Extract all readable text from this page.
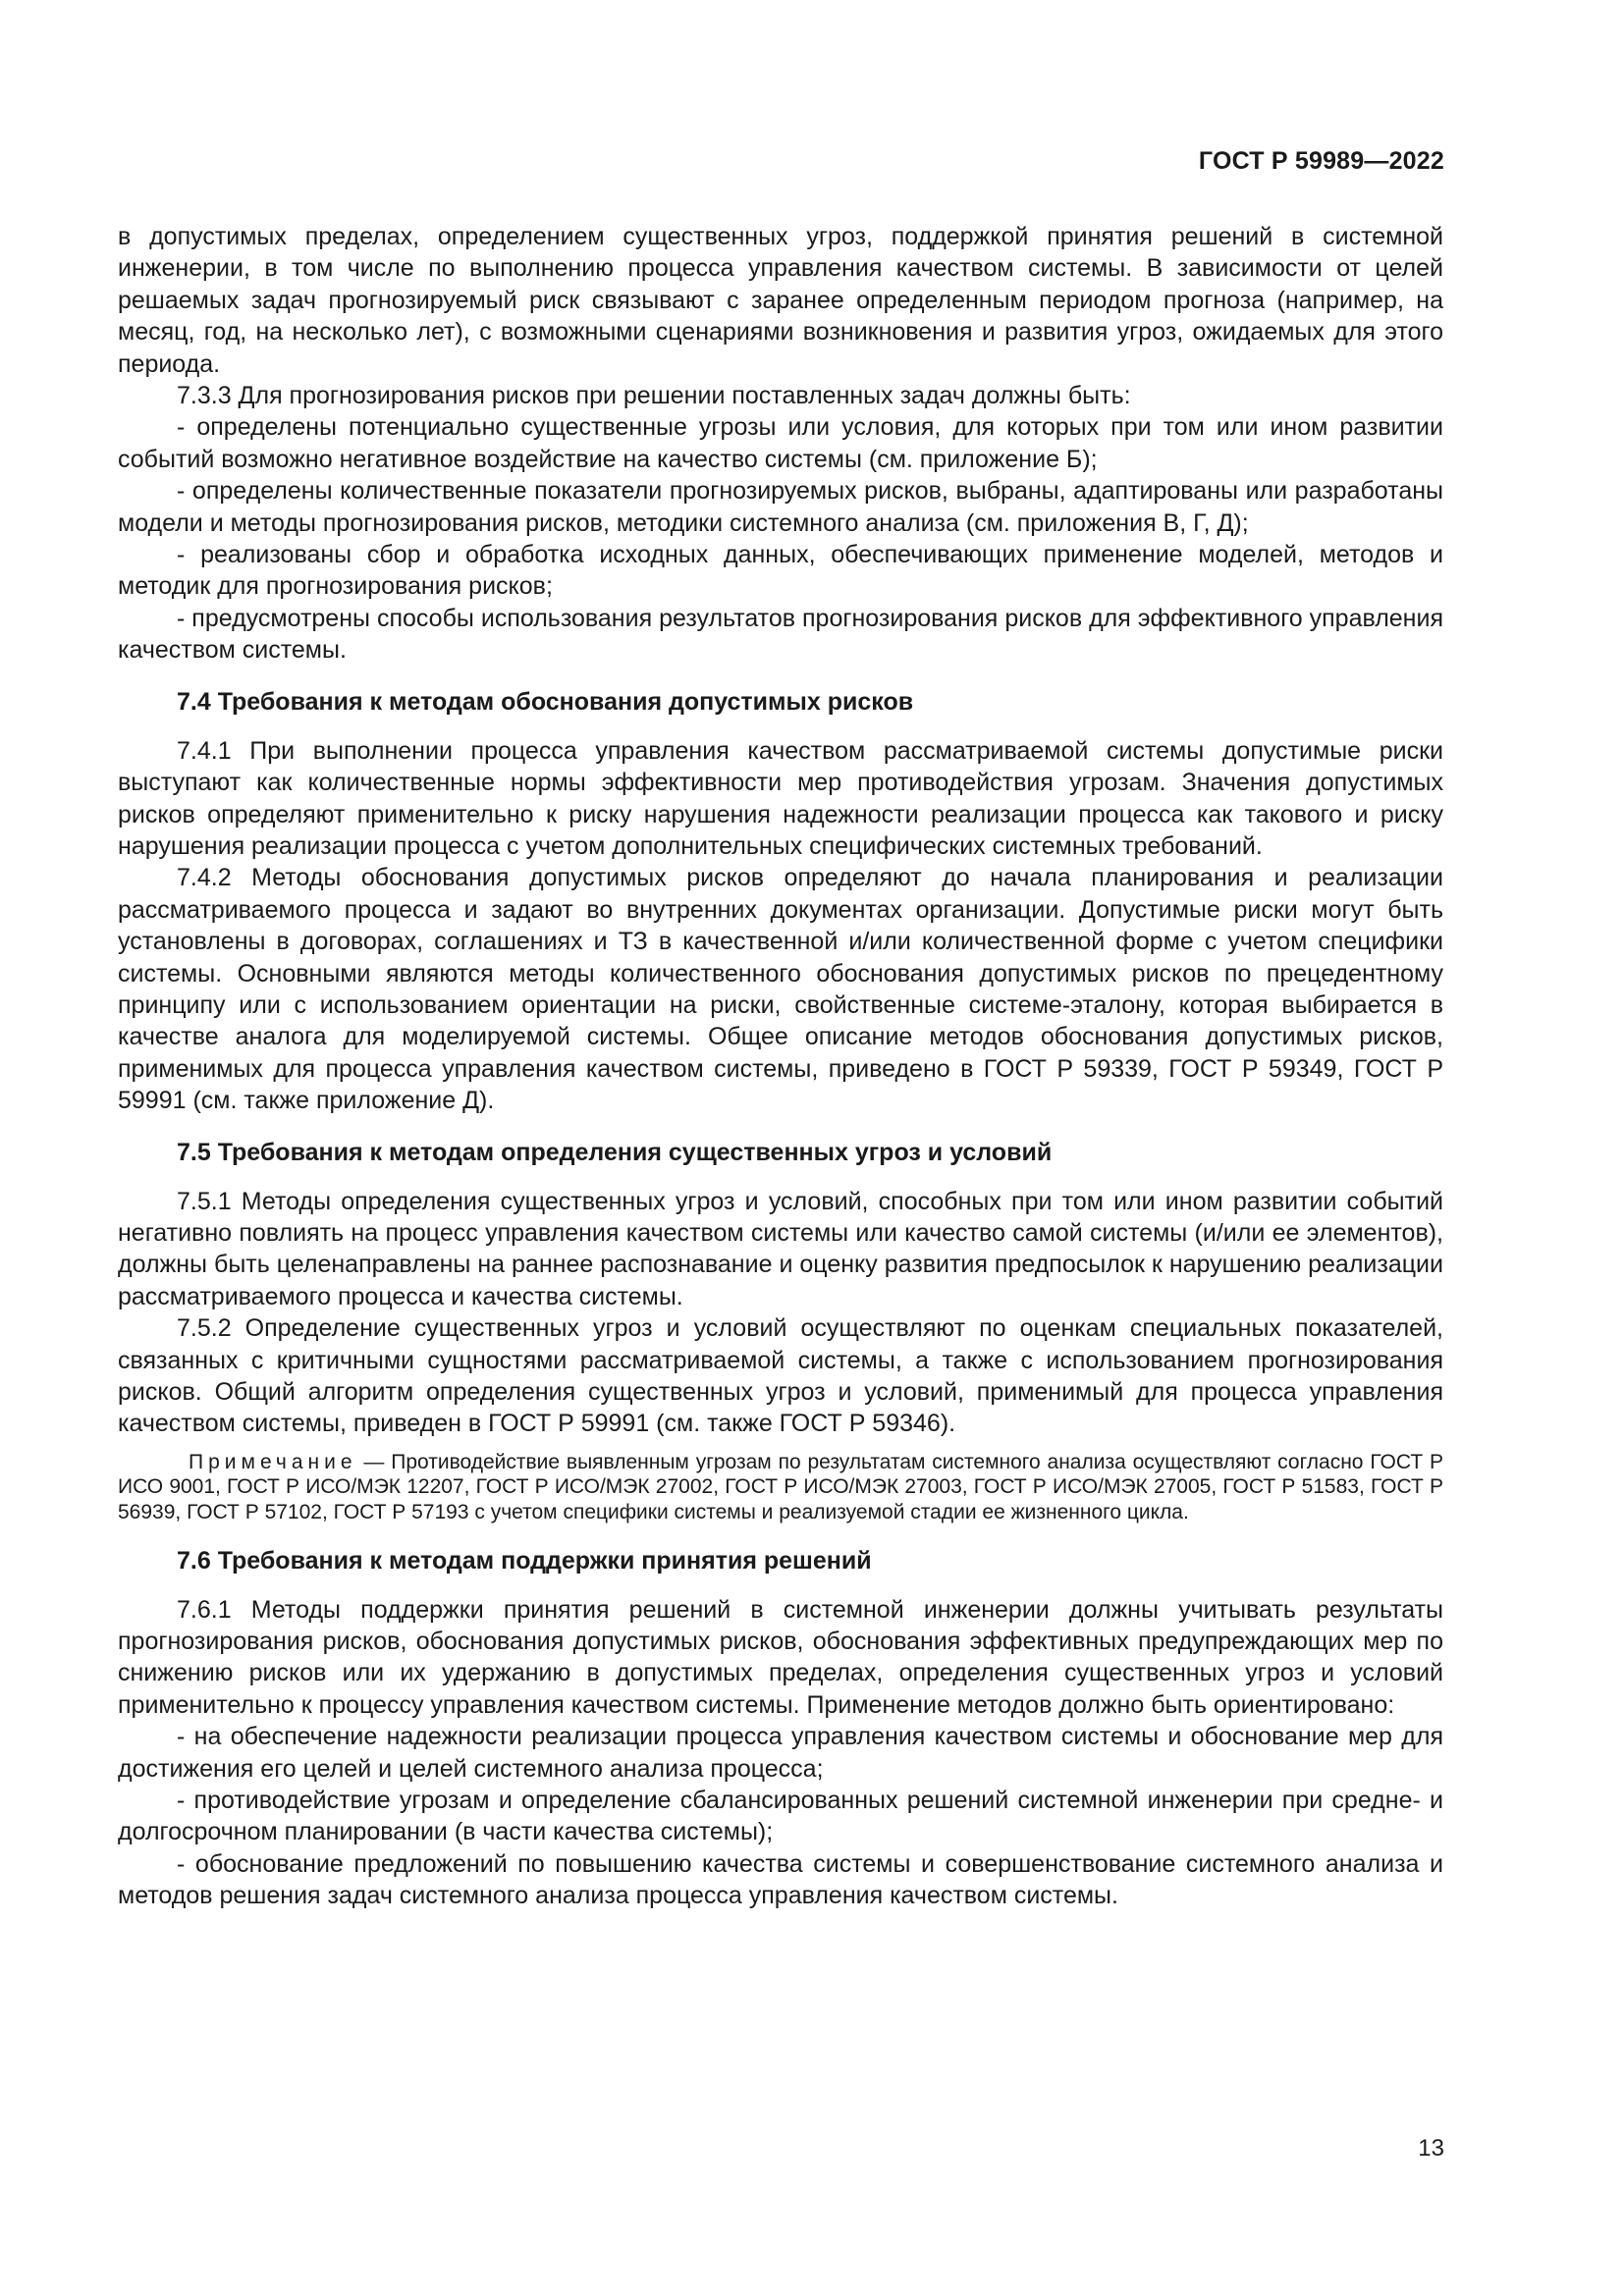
ГОСТ Р 59989—2022

в допустимых пределах, определением существенных угроз, поддержкой принятия решений в системной инженерии, в том числе по выполнению процесса управления качеством системы. В зависимости от целей решаемых задач прогнозируемый риск связывают с заранее определенным периодом прогноза (например, на месяц, год, на несколько лет), с возможными сценариями возникновения и развития угроз, ожидаемых для этого периода.

7.3.3 Для прогнозирования рисков при решении поставленных задач должны быть:

- определены потенциально существенные угрозы или условия, для которых при том или ином развитии событий возможно негативное воздействие на качество системы (см. приложение Б);

- определены количественные показатели прогнозируемых рисков, выбраны, адаптированы или разработаны модели и методы прогнозирования рисков, методики системного анализа (см. приложения В, Г, Д);

- реализованы сбор и обработка исходных данных, обеспечивающих применение моделей, методов и методик для прогнозирования рисков;

- предусмотрены способы использования результатов прогнозирования рисков для эффективного управления качеством системы.

7.4 Требования к методам обоснования допустимых рисков

7.4.1 При выполнении процесса управления качеством рассматриваемой системы допустимые риски выступают как количественные нормы эффективности мер противодействия угрозам. Значения допустимых рисков определяют применительно к риску нарушения надежности реализации процесса как такового и риску нарушения реализации процесса с учетом дополнительных специфических системных требований.

7.4.2 Методы обоснования допустимых рисков определяют до начала планирования и реализации рассматриваемого процесса и задают во внутренних документах организации. Допустимые риски могут быть установлены в договорах, соглашениях и ТЗ в качественной и/или количественной форме с учетом специфики системы. Основными являются методы количественного обоснования допустимых рисков по прецедентному принципу или с использованием ориентации на риски, свойственные системе-эталону, которая выбирается в качестве аналога для моделируемой системы. Общее описание методов обоснования допустимых рисков, применимых для процесса управления качеством системы, приведено в ГОСТ Р 59339, ГОСТ Р 59349, ГОСТ Р 59991 (см. также приложение Д).

7.5 Требования к методам определения существенных угроз и условий

7.5.1 Методы определения существенных угроз и условий, способных при том или ином развитии событий негативно повлиять на процесс управления качеством системы или качество самой системы (и/или ее элементов), должны быть целенаправлены на раннее распознавание и оценку развития предпосылок к нарушению реализации рассматриваемого процесса и качества системы.

7.5.2 Определение существенных угроз и условий осуществляют по оценкам специальных показателей, связанных с критичными сущностями рассматриваемой системы, а также с использованием прогнозирования рисков. Общий алгоритм определения существенных угроз и условий, применимый для процесса управления качеством системы, приведен в ГОСТ Р 59991 (см. также ГОСТ Р 59346).

Примечание — Противодействие выявленным угрозам по результатам системного анализа осуществляют согласно ГОСТ Р ИСО 9001, ГОСТ Р ИСО/МЭК 12207, ГОСТ Р ИСО/МЭК 27002, ГОСТ Р ИСО/МЭК 27003, ГОСТ Р ИСО/МЭК 27005, ГОСТ Р 51583, ГОСТ Р 56939, ГОСТ Р 57102, ГОСТ Р 57193 с учетом специфики системы и реализуемой стадии ее жизненного цикла.

7.6 Требования к методам поддержки принятия решений

7.6.1 Методы поддержки принятия решений в системной инженерии должны учитывать результаты прогнозирования рисков, обоснования допустимых рисков, обоснования эффективных предупреждающих мер по снижению рисков или их удержанию в допустимых пределах, определения существенных угроз и условий применительно к процессу управления качеством системы. Применение методов должно быть ориентировано:

- на обеспечение надежности реализации процесса управления качеством системы и обоснование мер для достижения его целей и целей системного анализа процесса;

- противодействие угрозам и определение сбалансированных решений системной инженерии при средне- и долгосрочном планировании (в части качества системы);

- обоснование предложений по повышению качества системы и совершенствование системного анализа и методов решения задач системного анализа процесса управления качеством системы.

13
